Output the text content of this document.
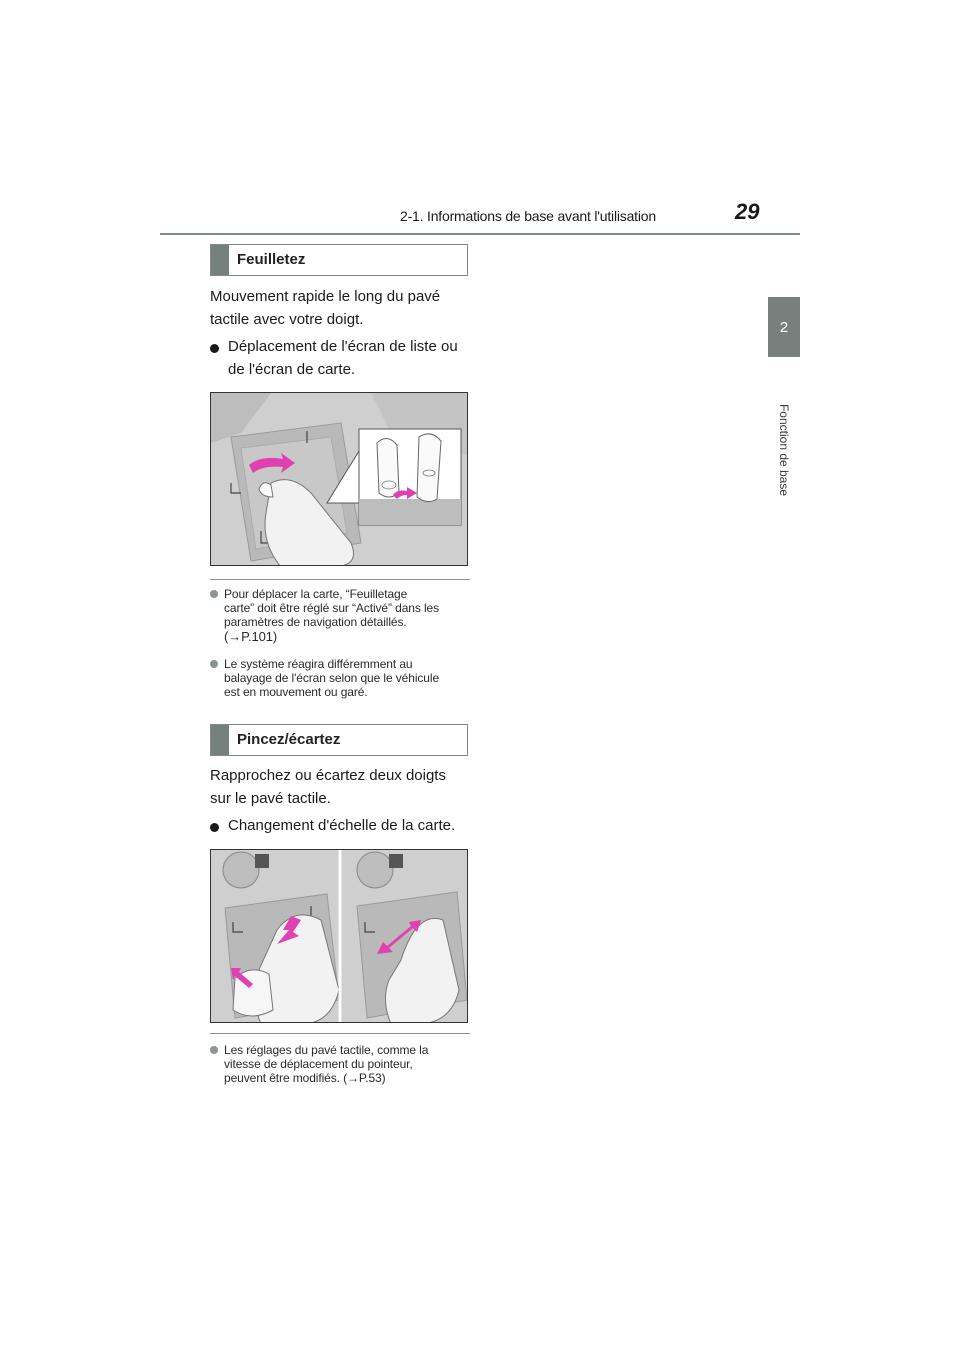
2-1. Informations de base avant l'utilisation	29
2
Fonction de base
Feuilletez
Mouvement rapide le long du pavé
tactile avec votre doigt.
Déplacement de l'écran de liste ou
de l'écran de carte.
Pour déplacer la carte, “Feuilletage
carte” doit être réglé sur “Activé” dans les
paramètres de navigation détaillés.
(→P.101)
Le système réagira différemment au
balayage de l'écran selon que le véhicule
est en mouvement ou garé.
Pincez/écartez
Rapprochez ou écartez deux doigts
sur le pavé tactile.
Changement d'échelle de la carte.
Les réglages du pavé tactile, comme la
vitesse de déplacement du pointeur,
peuvent être modifiés. (→P.53)
